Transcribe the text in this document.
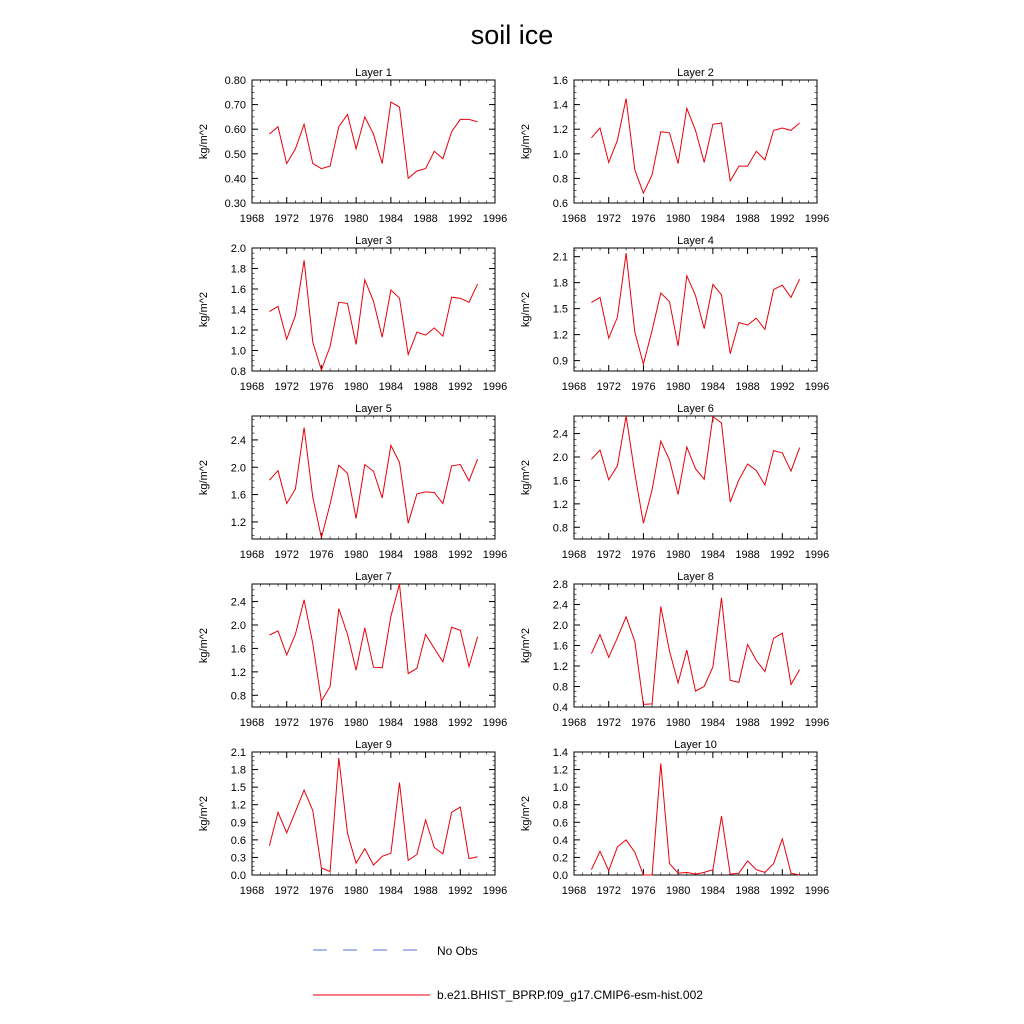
soil ice
Layer 1
1968 1972 1976 1980 1984 1988 1992 1996
0.30
0.40
0.50
0.60
0.70
0.80
kg/m^2
Layer 2
1968 1972 1976 1980 1984 1988 1992 1996
0.6
0.8
1.0
1.2
1.4
1.6
kg/m^2
Layer 3
1968 1972 1976 1980 1984 1988 1992 1996
0.8
1.0
1.2
1.4
1.6
1.8
2.0
kg/m^2
Layer 4
1968 1972 1976 1980 1984 1988 1992 1996
0.9
1.2
1.5
1.8
2.1
kg/m^2
Layer 5
1968 1972 1976 1980 1984 1988 1992 1996
1.2
1.6
2.0
2.4
kg/m^2
Layer 6
1968 1972 1976 1980 1984 1988 1992 1996
0.8
1.2
1.6
2.0
2.4
kg/m^2
Layer 7
1968 1972 1976 1980 1984 1988 1992 1996
0.8
1.2
1.6
2.0
2.4
kg/m^2
Layer 8
1968 1972 1976 1980 1984 1988 1992 1996
0.4
0.8
1.2
1.6
2.0
2.4
2.8
kg/m^2
Layer 9
1968 1972 1976 1980 1984 1988 1992 1996
0.0
0.3
0.6
0.9
1.2
1.5
1.8
2.1
kg/m^2
Layer 10
1968 1972 1976 1980 1984 1988 1992 1996
0.0
0.2
0.4
0.6
0.8
1.0
1.2
1.4
kg/m^2
No Obs
b.e21.BHIST_BPRP.f09_g17.CMIP6-esm-hist.002
